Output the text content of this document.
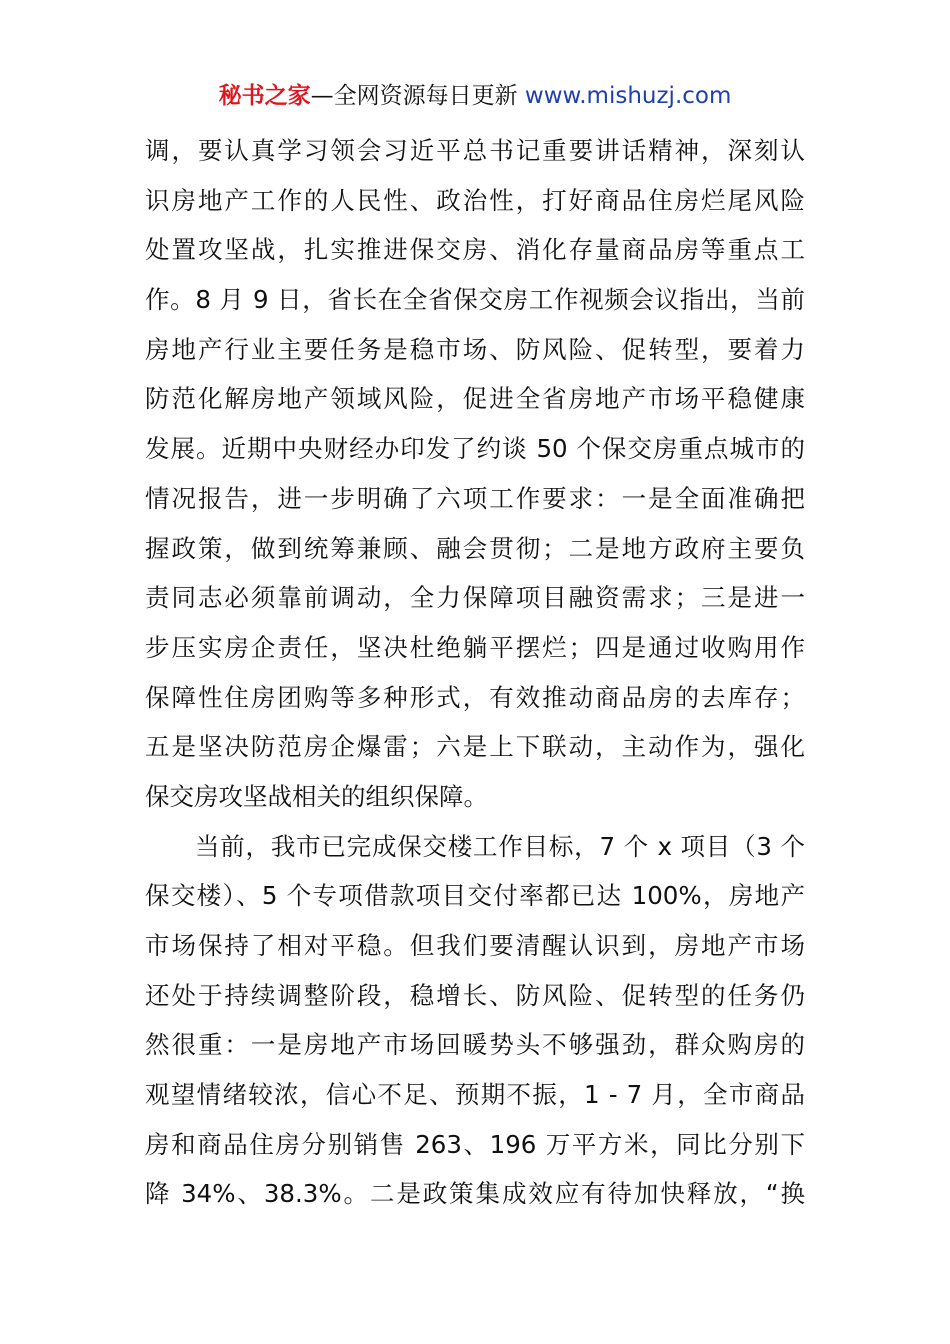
秘书之家—全网资源每日更新 www.mishuzj.com
调，要认真学习领会习近平总书记重要讲话精神，深刻认
识房地产工作的人民性、政治性，打好商品住房烂尾风险
处置攻坚战，扎实推进保交房、消化存量商品房等重点工
作。8 月 9 日，省长在全省保交房工作视频会议指出，当前
房地产行业主要任务是稳市场、防风险、促转型，要着力
防范化解房地产领域风险，促进全省房地产市场平稳健康
发展。近期中央财经办印发了约谈 50 个保交房重点城市的
情况报告，进一步明确了六项工作要求：一是全面准确把
握政策，做到统筹兼顾、融会贯彻；二是地方政府主要负
责同志必须靠前调动，全力保障项目融资需求；三是进一
步压实房企责任，坚决杜绝躺平摆烂；四是通过收购用作
保障性住房团购等多种形式，有效推动商品房的去库存；
五是坚决防范房企爆雷；六是上下联动，主动作为，强化
保交房攻坚战相关的组织保障。
当前，我市已完成保交楼工作目标，7 个 x 项目（3 个
保交楼）、5 个专项借款项目交付率都已达 100%，房地产
市场保持了相对平稳。但我们要清醒认识到，房地产市场
还处于持续调整阶段，稳增长、防风险、促转型的任务仍
然很重：一是房地产市场回暖势头不够强劲，群众购房的
观望情绪较浓，信心不足、预期不振，1 - 7 月，全市商品
房和商品住房分别销售 263、196 万平方米，同比分别下
降 34%、38.3%。二是政策集成效应有待加快释放，“换
